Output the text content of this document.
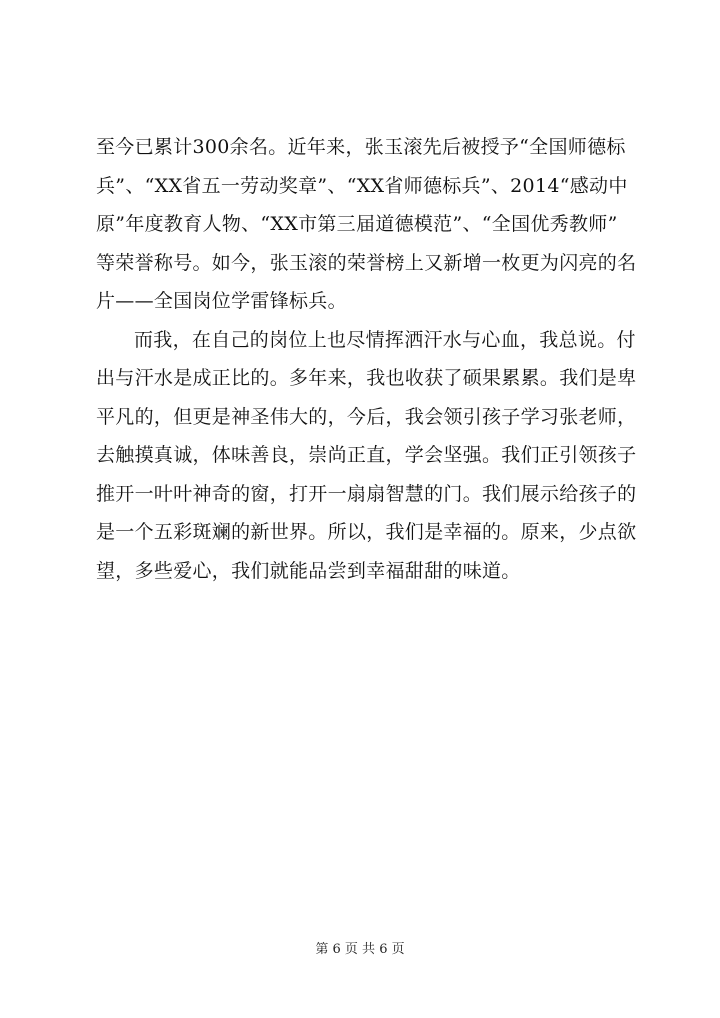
至今已累计300余名。近年来，张玉滚先后被授予“全国师德标
兵”、“XX省五一劳动奖章”、“XX省师德标兵”、2014“感动中
原”年度教育人物、“XX市第三届道德模范”、“全国优秀教师”
等荣誉称号。如今，张玉滚的荣誉榜上又新增一枚更为闪亮的名
片——全国岗位学雷锋标兵。
而我，在自己的岗位上也尽情挥洒汗水与心血，我总说。付
出与汗水是成正比的。多年来，我也收获了硕果累累。我们是卑
平凡的，但更是神圣伟大的，今后，我会领引孩子学习张老师，
去触摸真诚，体味善良，崇尚正直，学会坚强。我们正引领孩子
推开一叶叶神奇的窗，打开一扇扇智慧的门。我们展示给孩子的
是一个五彩斑斓的新世界。所以，我们是幸福的。原来，少点欲
望，多些爱心，我们就能品尝到幸福甜甜的味道。
第 6 页 共 6 页
